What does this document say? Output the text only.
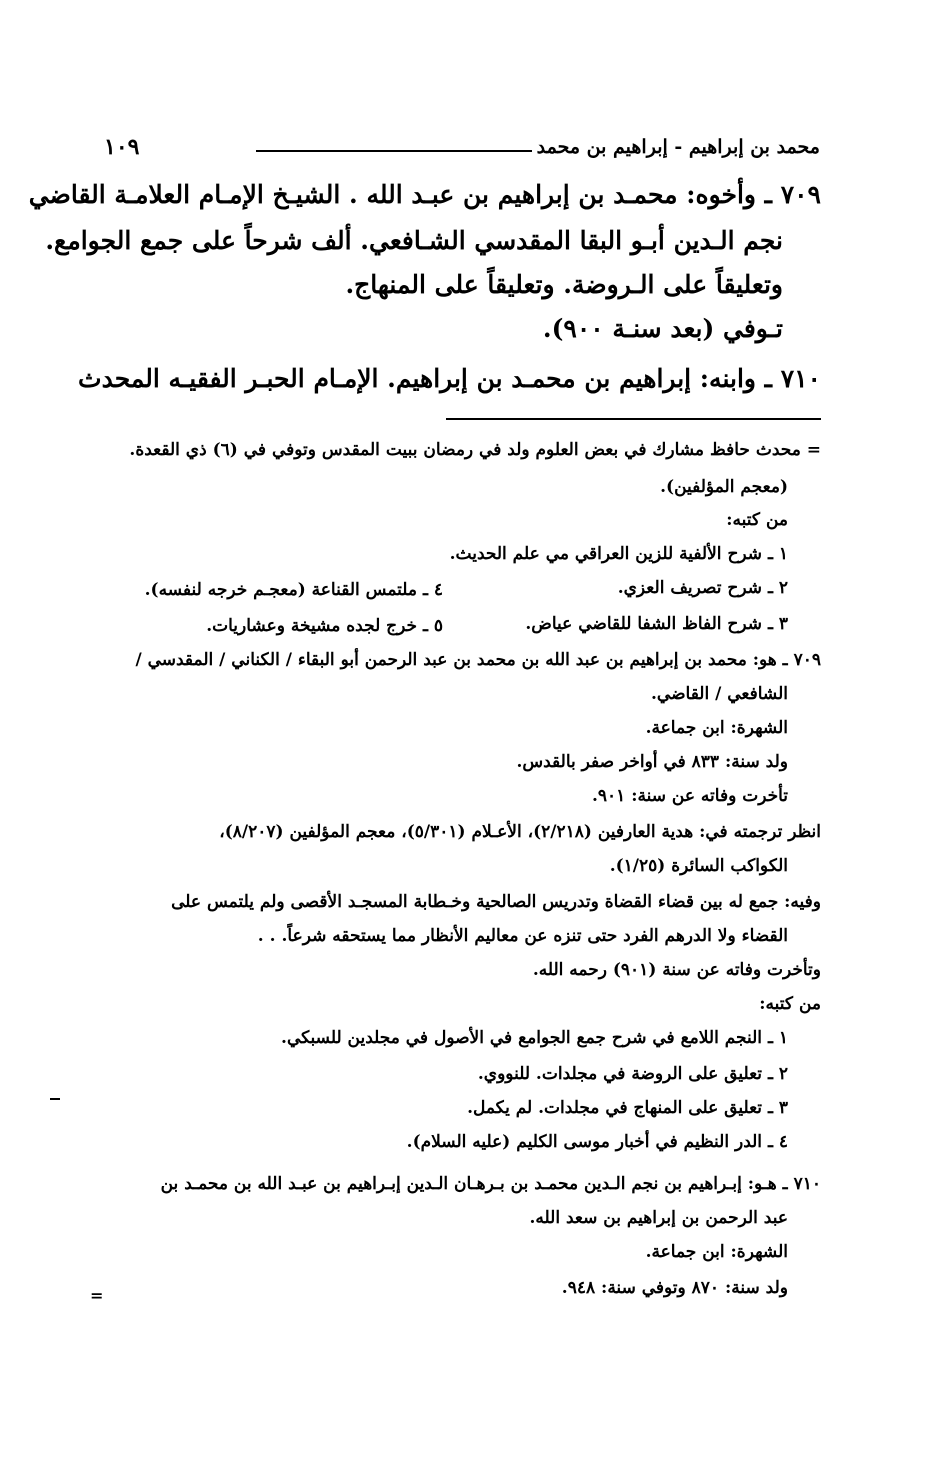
محمد بن إبراهيم - إبراهيم بن محمد
١٠٩
٧٠٩ ـ وأخوه: محمـد بن إبراهيم بن عبـد الله . الشيـخ الإمـام العلامـة القاضي
نجم الـدين أبـو البقا المقدسي الشـافعي. ألف شرحاً على جمع الجوامع.
وتعليقاً على الـروضة. وتعليقاً على المنهاج.
تـوفي (بعد سنـة ٩٠٠).
٧١٠ ـ وابنه: إبراهيم بن محمـد بن إبراهيم. الإمـام الحبـر الفقيـه المحدث
= محدث حافظ مشارك في بعض العلوم ولد في رمضان ببيت المقدس وتوفي في (٦) ذي القعدة.
(معجم المؤلفين).
من كتبه:
١ ـ شرح الألفية للزين العراقي مي علم الحديث.
٢ ـ شرح تصريف العزي.
٤ ـ ملتمس القناعة (معجـم خرجه لنفسه).
٣ ـ شرح الفاظ الشفا للقاضي عياض.
٥ ـ خرج لجده مشيخة وعشاريات.
٧٠٩ ـ هو: محمد بن إبراهيم بن عبد الله بن محمد بن عبد الرحمن أبو البقاء / الكناني / المقدسي /
الشافعي / القاضي.
الشهرة: ابن جماعة.
ولد سنة: ٨٣٣ في أواخر صفر بالقدس.
تأخرت وفاته عن سنة: ٩٠١.
انظر ترجمته في: هدية العارفين (٢/٢١٨)، الأعـلام (٥/٣٠١)، معجم المؤلفين (٨/٢٠٧)،
الكواكب السائرة (١/٢٥).
وفيه: جمع له بين قضاء القضاة وتدريس الصالحية وخـطابة المسجـد الأقصى ولم يلتمس على
القضاء ولا الدرهم الفرد حتى تنزه عن معاليم الأنظار مما يستحقه شرعاً. . .
وتأخرت وفاته عن سنة (٩٠١) رحمه الله.
من كتبه:
١ ـ النجم اللامع في شرح جمع الجوامع في الأصول في مجلدين للسبكي.
٢ ـ تعليق على الروضة في مجلدات. للنووي.
٣ ـ تعليق على المنهاج في مجلدات. لم يكمل.
٤ ـ الدر النظيم في أخبار موسى الكليم (عليه السلام).
٧١٠ ـ هـو: إبـراهيم بن نجم الـدين محمـد بن بـرهـان الـدين إبـراهيم بن عبـد الله بن محمـد بن
عبد الرحمن بن إبراهيم بن سعد الله.
الشهرة: ابن جماعة.
ولد سنة: ٨٧٠ وتوفي سنة: ٩٤٨.
=
